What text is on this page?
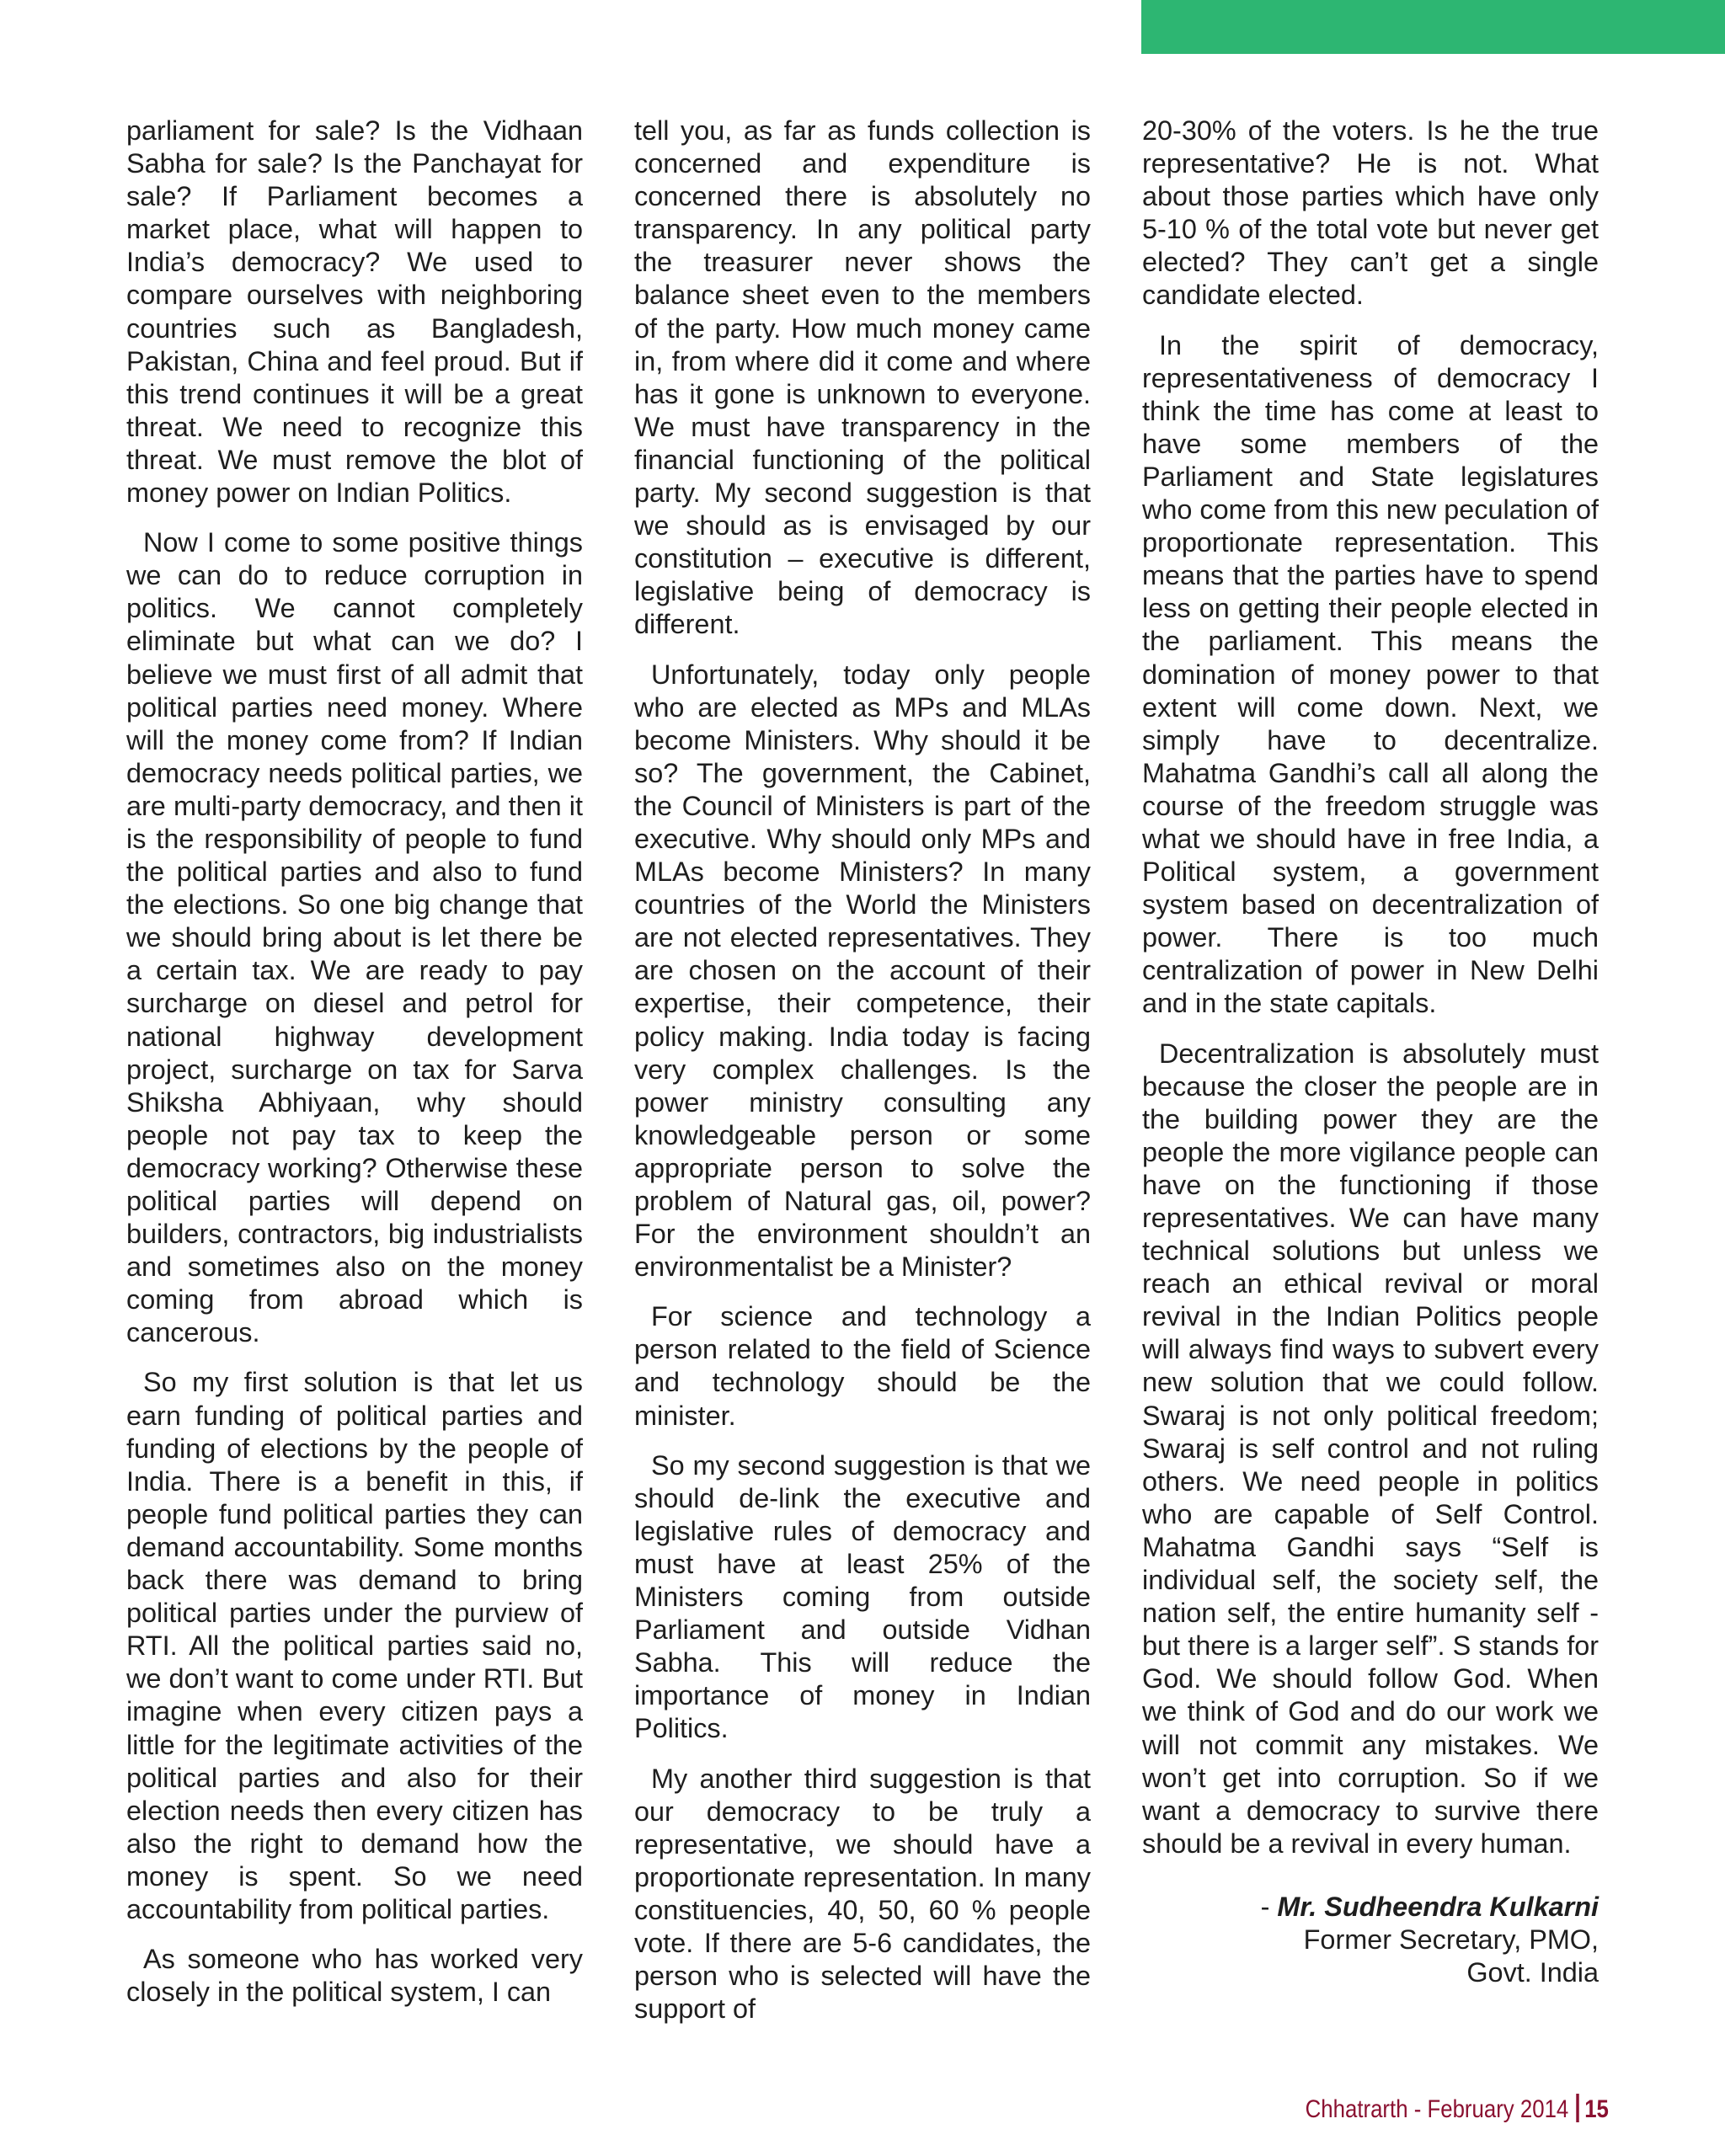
parliament for sale? Is the Vidhaan Sabha for sale? Is the Panchayat for sale? If Parliament becomes a market place, what will happen to India’s democracy? We used to compare ourselves with neighboring countries such as Bangladesh, Pakistan, China and feel proud. But if this trend continues it will be a great threat. We need to recognize this threat. We must remove the blot of money power on Indian Politics.

Now I come to some positive things we can do to reduce corruption in politics. We cannot completely eliminate but what can we do? I believe we must first of all admit that political parties need money. Where will the money come from? If Indian democracy needs political parties, we are multi-party democracy, and then it is the responsibility of people to fund the political parties and also to fund the elections. So one big change that we should bring about is let there be a certain tax. We are ready to pay surcharge on diesel and petrol for national highway development project, surcharge on tax for Sarva Shiksha Abhiyaan, why should people not pay tax to keep the democracy working? Otherwise these political parties will depend on builders, contractors, big industrialists and sometimes also on the money coming from abroad which is cancerous.

So my first solution is that let us earn funding of political parties and funding of elections by the people of India. There is a benefit in this, if people fund political parties they can demand accountability. Some months back there was demand to bring political parties under the purview of RTI. All the political parties said no, we don’t want to come under RTI. But imagine when every citizen pays a little for the legitimate activities of the political parties and also for their election needs then every citizen has also the right to demand how the money is spent. So we need accountability from political parties.

As someone who has worked very closely in the political system, I can

tell you, as far as funds collection is concerned and expenditure is concerned there is absolutely no transparency. In any political party the treasurer never shows the balance sheet even to the members of the party. How much money came in, from where did it come and where has it gone is unknown to everyone. We must have transparency in the financial functioning of the political party. My second suggestion is that we should as is envisaged by our constitution – executive is different, legislative being of democracy is different.

Unfortunately, today only people who are elected as MPs and MLAs become Ministers. Why should it be so? The government, the Cabinet, the Council of Ministers is part of the executive. Why should only MPs and MLAs become Ministers? In many countries of the World the Ministers are not elected representatives. They are chosen on the account of their expertise, their competence, their policy making. India today is facing very complex challenges. Is the power ministry consulting any knowledgeable person or some appropriate person to solve the problem of Natural gas, oil, power? For the environment shouldn’t an environmentalist be a Minister?

For science and technology a person related to the field of Science and technology should be the minister.

So my second suggestion is that we should de-link the executive and legislative rules of democracy and must have at least 25% of the Ministers coming from outside Parliament and outside Vidhan Sabha. This will reduce the importance of money in Indian Politics.

My another third suggestion is that our democracy to be truly a representative, we should have a proportionate representation. In many constituencies, 40, 50, 60 % people vote. If there are 5-6 candidates, the person who is selected will have the support of

20-30% of the voters. Is he the true representative? He is not. What about those parties which have only 5-10 % of the total vote but never get elected? They can’t get a single candidate elected.

In the spirit of democracy, representativeness of democracy I think the time has come at least to have some members of the Parliament and State legislatures who come from this new peculation of proportionate representation. This means that the parties have to spend less on getting their people elected in the parliament. This means the domination of money power to that extent will come down. Next, we simply have to decentralize. Mahatma Gandhi’s call all along the course of the freedom struggle was what we should have in free India, a Political system, a government system based on decentralization of power. There is too much centralization of power in New Delhi and in the state capitals.

Decentralization is absolutely must because the closer the people are in the building power they are the people the more vigilance people can have on the functioning if those representatives. We can have many technical solutions but unless we reach an ethical revival or moral revival in the Indian Politics people will always find ways to subvert every new solution that we could follow. Swaraj is not only political freedom; Swaraj is self control and not ruling others. We need people in politics who are capable of Self Control. Mahatma Gandhi says “Self is individual self, the society self, the nation self, the entire humanity self - but there is a larger self”. S stands for God. We should follow God. When we think of God and do our work we will not commit any mistakes. We won’t get into corruption. So if we want a democracy to survive there should be a revival in every human.

- Mr. Sudheendra Kulkarni
Former Secretary, PMO,
Govt. India
Chhatrarth - February 2014 15
